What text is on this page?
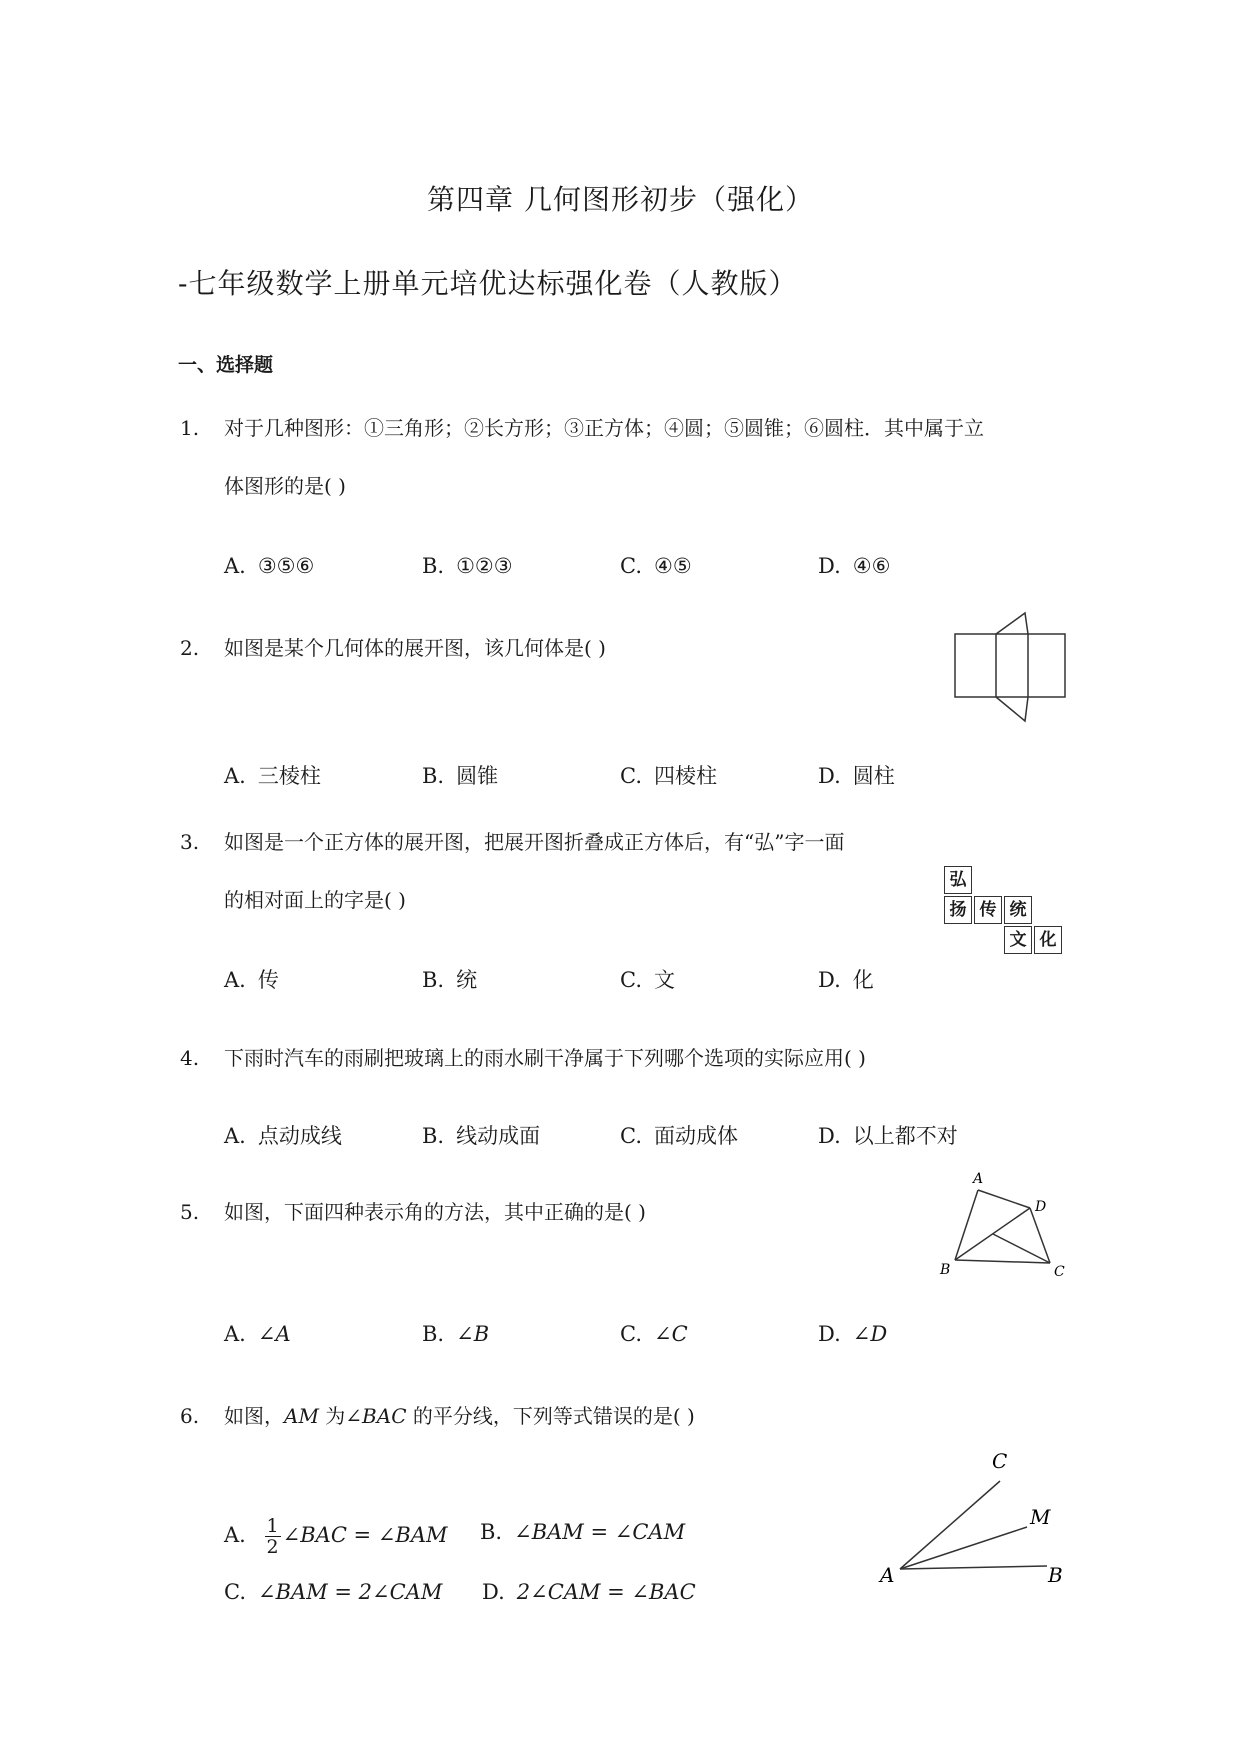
第四章 几何图形初步（强化）
-七年级数学上册单元培优达标强化卷（人教版）
一、选择题
1. 对于几种图形：①三角形；②长方形；③正方体；④圆；⑤圆锥；⑥圆柱．其中属于立
体图形的是( )
A. ③⑤⑥	B. ①②③	C. ④⑤	D. ④⑥
2. 如图是某个几何体的展开图，该几何体是( )
A. 三棱柱	B. 圆锥	C. 四棱柱	D. 圆柱
3. 如图是一个正方体的展开图，把展开图折叠成正方体后，有“弘”字一面
的相对面上的字是( )
弘
扬 传 统
文 化
A. 传	B. 统	C. 文	D. 化
4. 下雨时汽车的雨刷把玻璃上的雨水刷干净属于下列哪个选项的实际应用( )
A. 点动成线	B. 线动成面	C. 面动成体	D. 以上都不对
5. 如图，下面四种表示角的方法，其中正确的是( )
A
D
B	C
A. ∠A	B. ∠B	C. ∠C	D. ∠D
6. 如图，AM 为∠BAC 的平分线，下列等式错误的是( )
C
M
A	B
A. $\frac{1}{2}$ ∠BAC = ∠BAM B. ∠BAM = ∠CAM
C. ∠BAM = 2∠CAM D. 2∠CAM = ∠BAC
